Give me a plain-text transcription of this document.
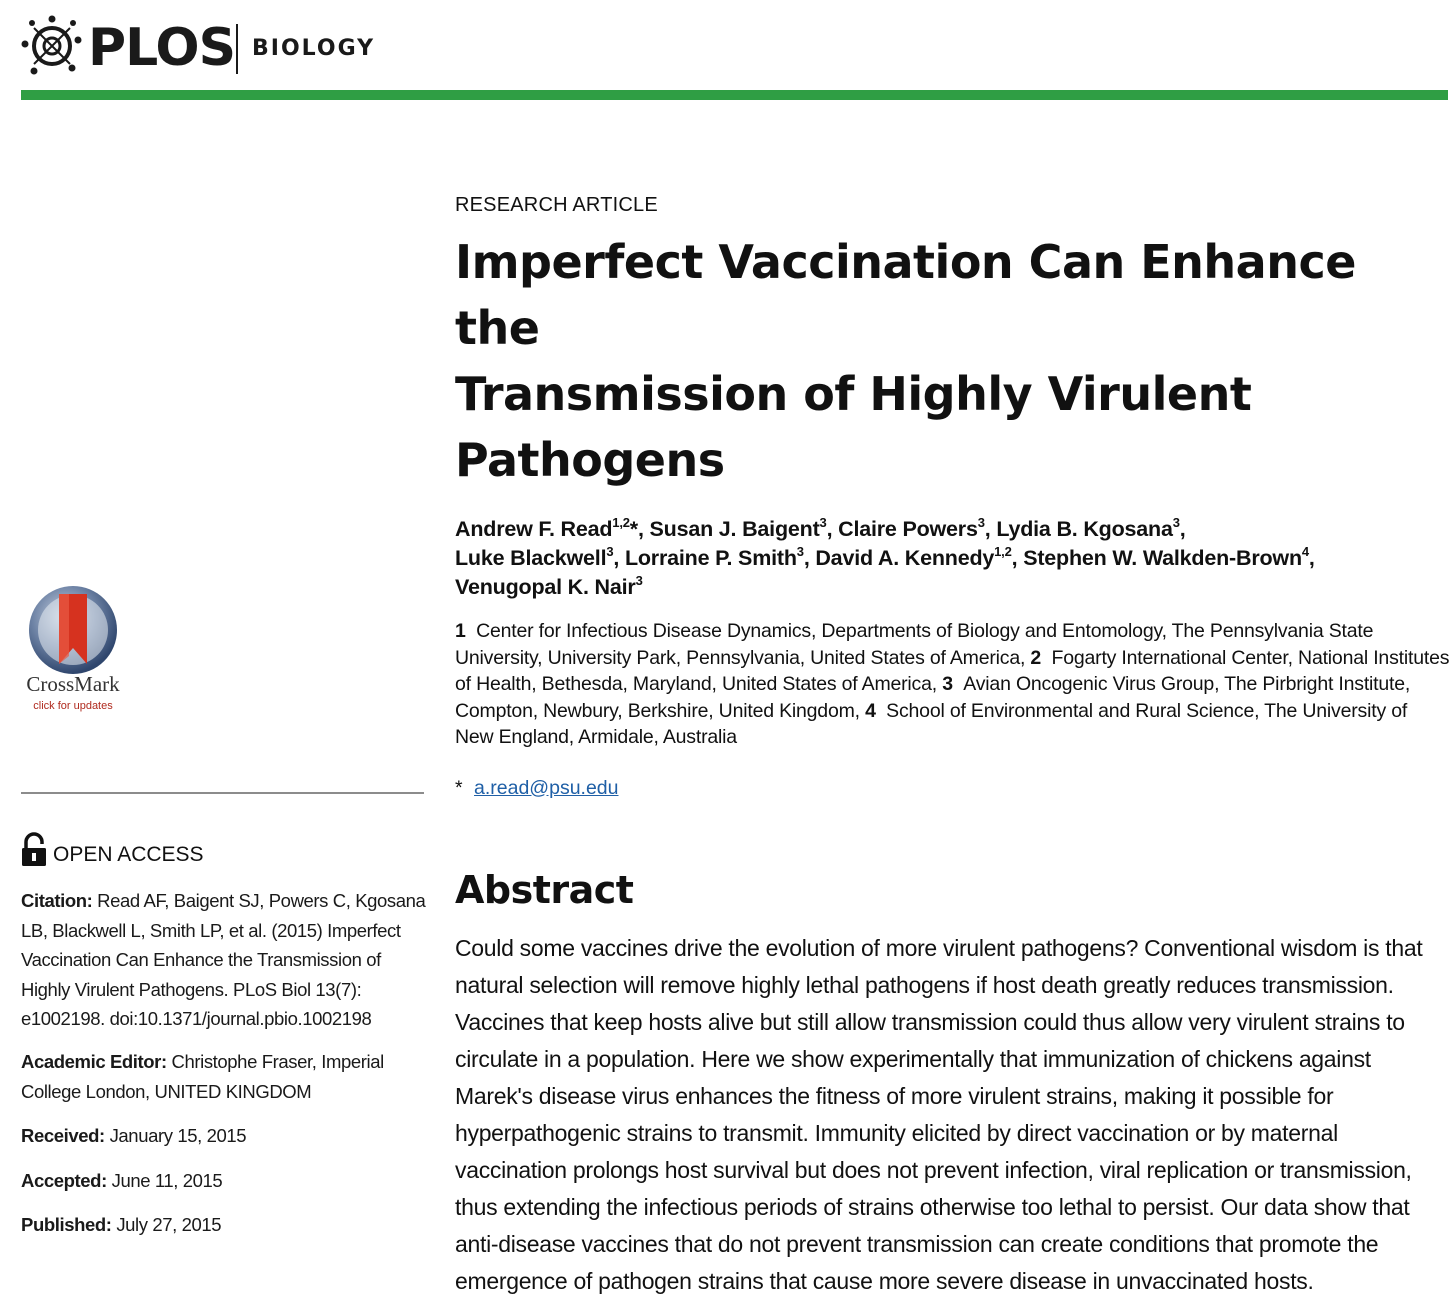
PLOS BIOLOGY
CrossMark
click for updates
OPEN ACCESS
Citation: Read AF, Baigent SJ, Powers C, Kgosana LB, Blackwell L, Smith LP, et al. (2015) Imperfect Vaccination Can Enhance the Transmission of Highly Virulent Pathogens. PLoS Biol 13(7): e1002198. doi:10.1371/journal.pbio.1002198
Academic Editor: Christophe Fraser, Imperial College London, UNITED KINGDOM
Received: January 15, 2015
Accepted: June 11, 2015
Published: July 27, 2015
RESEARCH ARTICLE
Imperfect Vaccination Can Enhance the
Transmission of Highly Virulent Pathogens
Andrew F. Read$^{1,2}$*, Susan J. Baigent$^3$, Claire Powers$^3$, Lydia B. Kgosana$^3$,
Luke Blackwell$^3$, Lorraine P. Smith$^3$, David A. Kennedy$^{1,2}$, Stephen W. Walkden-Brown$^4$,
Venugopal K. Nair$^3$
1 Center for Infectious Disease Dynamics, Departments of Biology and Entomology, The Pennsylvania State University, University Park, Pennsylvania, United States of America, 2 Fogarty International Center, National Institutes of Health, Bethesda, Maryland, United States of America, 3 Avian Oncogenic Virus Group, The Pirbright Institute, Compton, Newbury, Berkshire, United Kingdom, 4 School of Environmental and Rural Science, The University of New England, Armidale, Australia
* a.read@psu.edu
Abstract

Could some vaccines drive the evolution of more virulent pathogens? Conventional wisdom is that natural selection will remove highly lethal pathogens if host death greatly reduces transmission. Vaccines that keep hosts alive but still allow transmission could thus allow very virulent strains to circulate in a population. Here we show experimentally that immunization of chickens against Marek's disease virus enhances the fitness of more virulent strains, making it possible for hyperpathogenic strains to transmit. Immunity elicited by direct vaccination or by maternal vaccination prolongs host survival but does not prevent infection, viral replication or transmission, thus extending the infectious periods of strains otherwise too lethal to persist. Our data show that anti-disease vaccines that do not prevent transmission can create conditions that promote the emergence of pathogen strains that cause more severe disease in unvaccinated hosts.
